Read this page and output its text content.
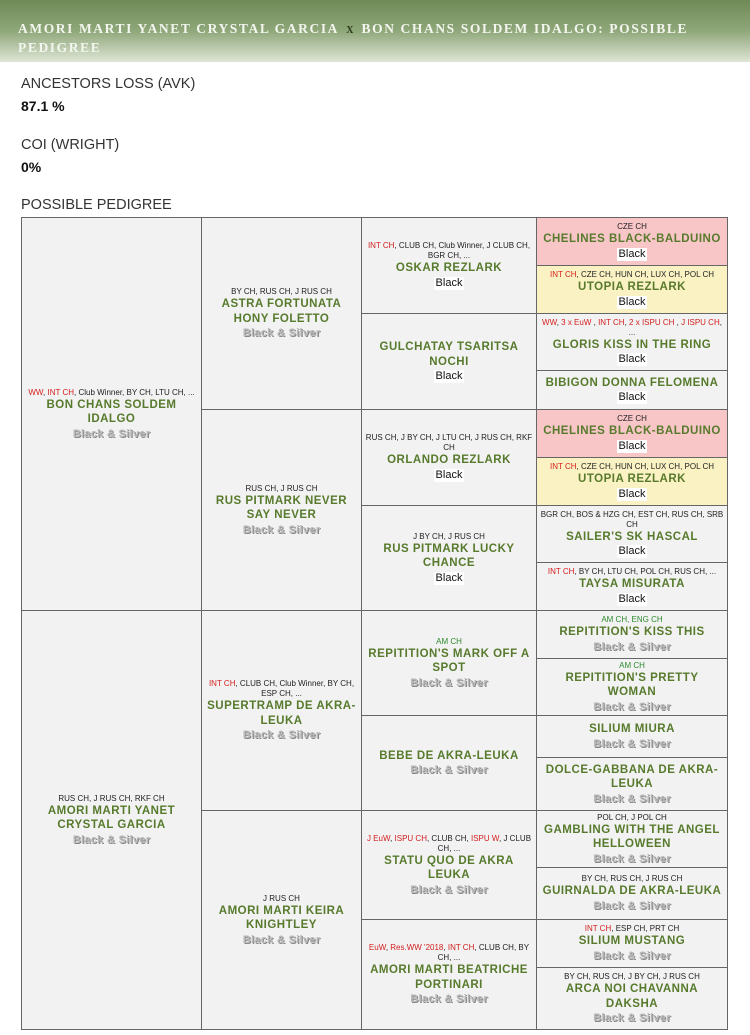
AMORI MARTI YANET CRYSTAL GARCIA X BON CHANS SOLDEM IDALGO: POSSIBLE PEDIGREE
ANCESTORS LOSS (AVK)
87.1 %
COI (WRIGHT)
0%
POSSIBLE PEDIGREE
WW, INT CH, Club Winner, BY CH, LTU CH, ...
BON CHANS SOLDEM IDALGO
Black & Silver
RUS CH, J RUS CH, RKF CH
AMORI MARTI YANET CRYSTAL GARCIA
Black & Silver
BY CH, RUS CH, J RUS CH
ASTRA FORTUNATA HONY FOLETTO
Black & Silver
RUS CH, J RUS CH
RUS PITMARK NEVER SAY NEVER
Black & Silver
INT CH, CLUB CH, Club Winner, BY CH, ESP CH, ...
SUPERTRAMP DE AKRA-LEUKA
Black & Silver
J RUS CH
AMORI MARTI KEIRA KNIGHTLEY
Black & Silver
INT CH, CLUB CH, Club Winner, J CLUB CH, BGR CH, ...
OSKAR REZLARK
Black
GULCHATAY TSARITSA NOCHI
Black
RUS CH, J BY CH, J LTU CH, J RUS CH, RKF CH
ORLANDO REZLARK
Black
J BY CH, J RUS CH
RUS PITMARK LUCKY CHANCE
Black
AM CH
REPITITION'S MARK OFF A SPOT
Black & Silver
BEBE DE AKRA-LEUKA
Black & Silver
J EuW, ISPU CH, CLUB CH, ISPU W, J CLUB CH, ...
STATU QUO DE AKRA LEUKA
Black & Silver
EuW, Res.WW '2018, INT CH, CLUB CH, BY CH, ...
AMORI MARTI BEATRICHE PORTINARI
Black & Silver
CZE CH
CHELINES BLACK-BALDUINO
Black
INT CH, CZE CH, HUN CH, LUX CH, POL CH
UTOPIA REZLARK
Black
WW, 3 x EuW , INT CH, 2 x ISPU CH , J ISPU CH, ...
GLORIS KISS IN THE RING
Black
BIBIGON DONNA FELOMENA
Black
CZE CH
CHELINES BLACK-BALDUINO
Black
INT CH, CZE CH, HUN CH, LUX CH, POL CH
UTOPIA REZLARK
Black
BGR CH, BOS & HZG CH, EST CH, RUS CH, SRB CH
SAILER'S SK HASCAL
Black
INT CH, BY CH, LTU CH, POL CH, RUS CH, ...
TAYSA MISURATA
Black
AM CH, ENG CH
REPITITION'S KISS THIS
Black & Silver
AM CH
REPITITION'S PRETTY WOMAN
Black & Silver
SILIUM MIURA
Black & Silver
DOLCE-GABBANA DE AKRA-LEUKA
Black & Silver
POL CH, J POL CH
GAMBLING WITH THE ANGEL HELLOWEEN
Black & Silver
BY CH, RUS CH, J RUS CH
GUIRNALDA DE AKRA-LEUKA
Black & Silver
INT CH, ESP CH, PRT CH
SILIUM MUSTANG
Black & Silver
BY CH, RUS CH, J BY CH, J RUS CH
ARCA NOI CHAVANNA DAKSHA
Black & Silver
